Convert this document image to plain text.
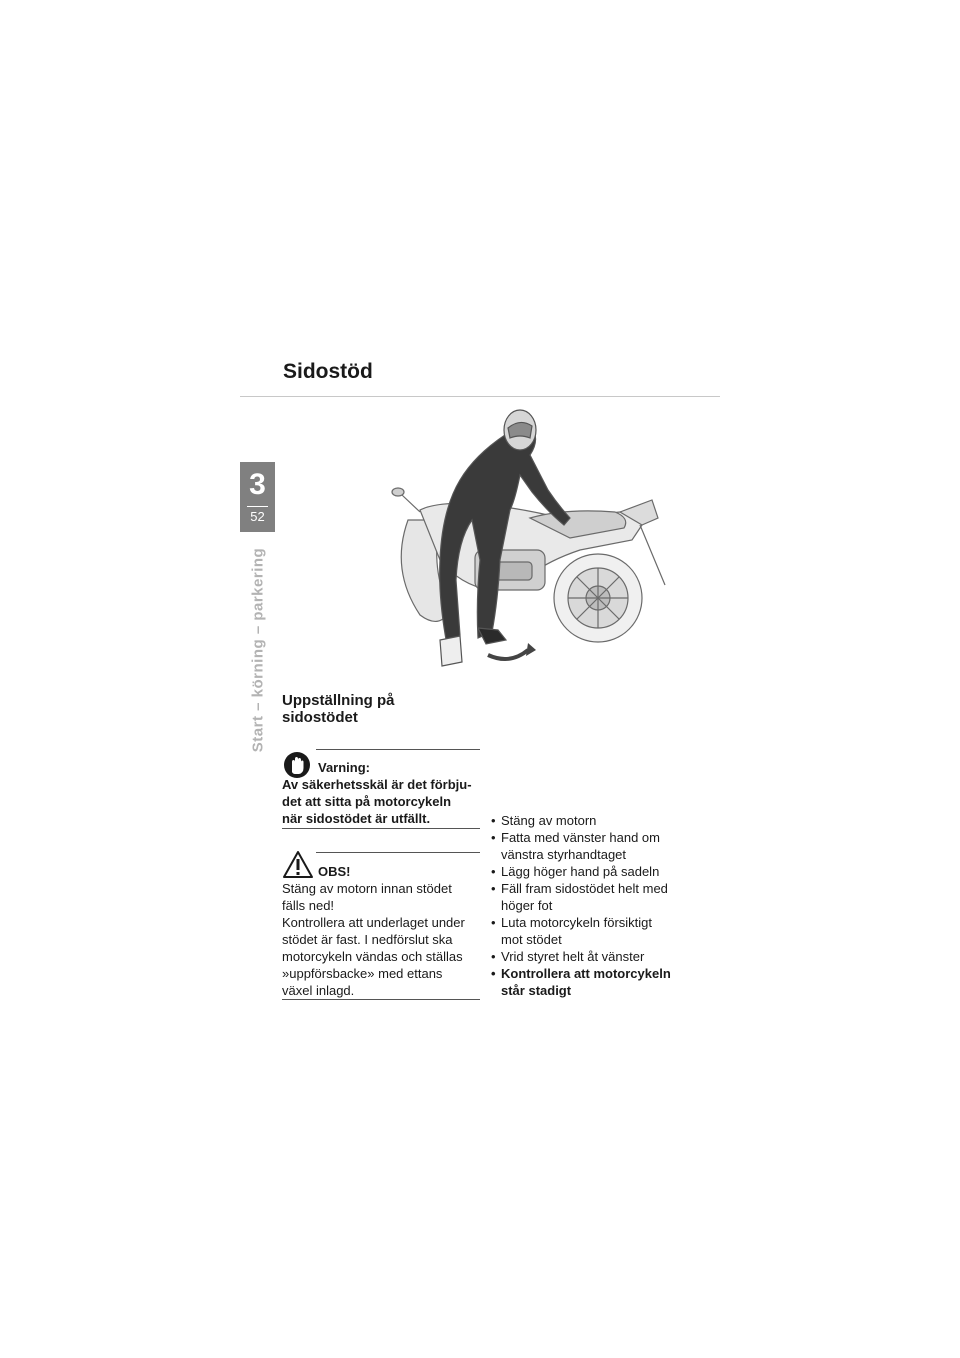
Sidostöd
3
52
Start – körning – parkering Uppställning på
sidostödet
Varning:
Av säkerhetsskäl är det förbju-
det att sitta på motorcykeln
när sidostödet är utfällt.
OBS!
Stäng av motorn innan stödet
fälls ned!
Kontrollera att underlaget under
stödet är fast. I nedförslut ska
motorcykeln vändas och ställas
»uppförsbacke» med ettans
växel inlagd.
• Stäng av motorn
• Fatta med vänster hand om
vänstra styrhandtaget
• Lägg höger hand på sadeln
• Fäll fram sidostödet helt med
höger fot
• Luta motorcykeln försiktigt
mot stödet
• Vrid styret helt åt vänster
• Kontrollera att motorcykeln
står stadigt
